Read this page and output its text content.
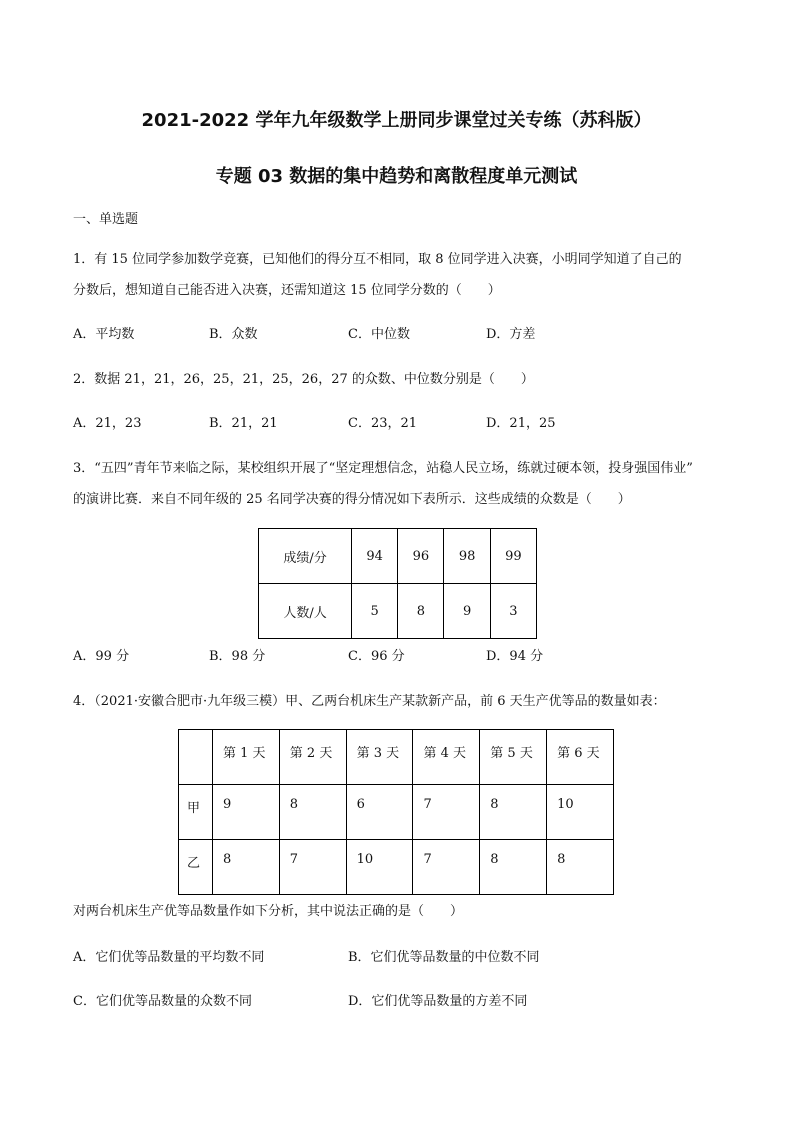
2021-2022 学年九年级数学上册同步课堂过关专练（苏科版）
专题 03 数据的集中趋势和离散程度单元测试
一、单选题
1．有 15 位同学参加数学竞赛，已知他们的得分互不相同，取 8 位同学进入决赛，小明同学知道了自己的
分数后，想知道自己能否进入决赛，还需知道这 15 位同学分数的（　　）
A．平均数	B．众数	C．中位数	D．方差
2．数据 21，21，26，25，21，25，26，27 的众数、中位数分别是（　　）
A．21，23	B．21，21	C．23，21	D．21，25
3．“五四”青年节来临之际，某校组织开展了“坚定理想信念，站稳人民立场，练就过硬本领，投身强国伟业”
的演讲比赛．来自不同年级的 25 名同学决赛的得分情况如下表所示．这些成绩的众数是（　　）
成绩/分	94	96	98	99
人数/人	5	8	9	3
A．99 分	B．98 分	C．96 分	D．94 分
4．（2021·安徽合肥市·九年级三模）甲、乙两台机床生产某款新产品，前 6 天生产优等品的数量如表：
	第 1 天	第 2 天	第 3 天	第 4 天	第 5 天	第 6 天
甲	9	8	6	7	8	10
乙	8	7	10	7	8	8
对两台机床生产优等品数量作如下分析，其中说法正确的是（　　）
A．它们优等品数量的平均数不同	B．它们优等品数量的中位数不同
C．它们优等品数量的众数不同	D．它们优等品数量的方差不同
